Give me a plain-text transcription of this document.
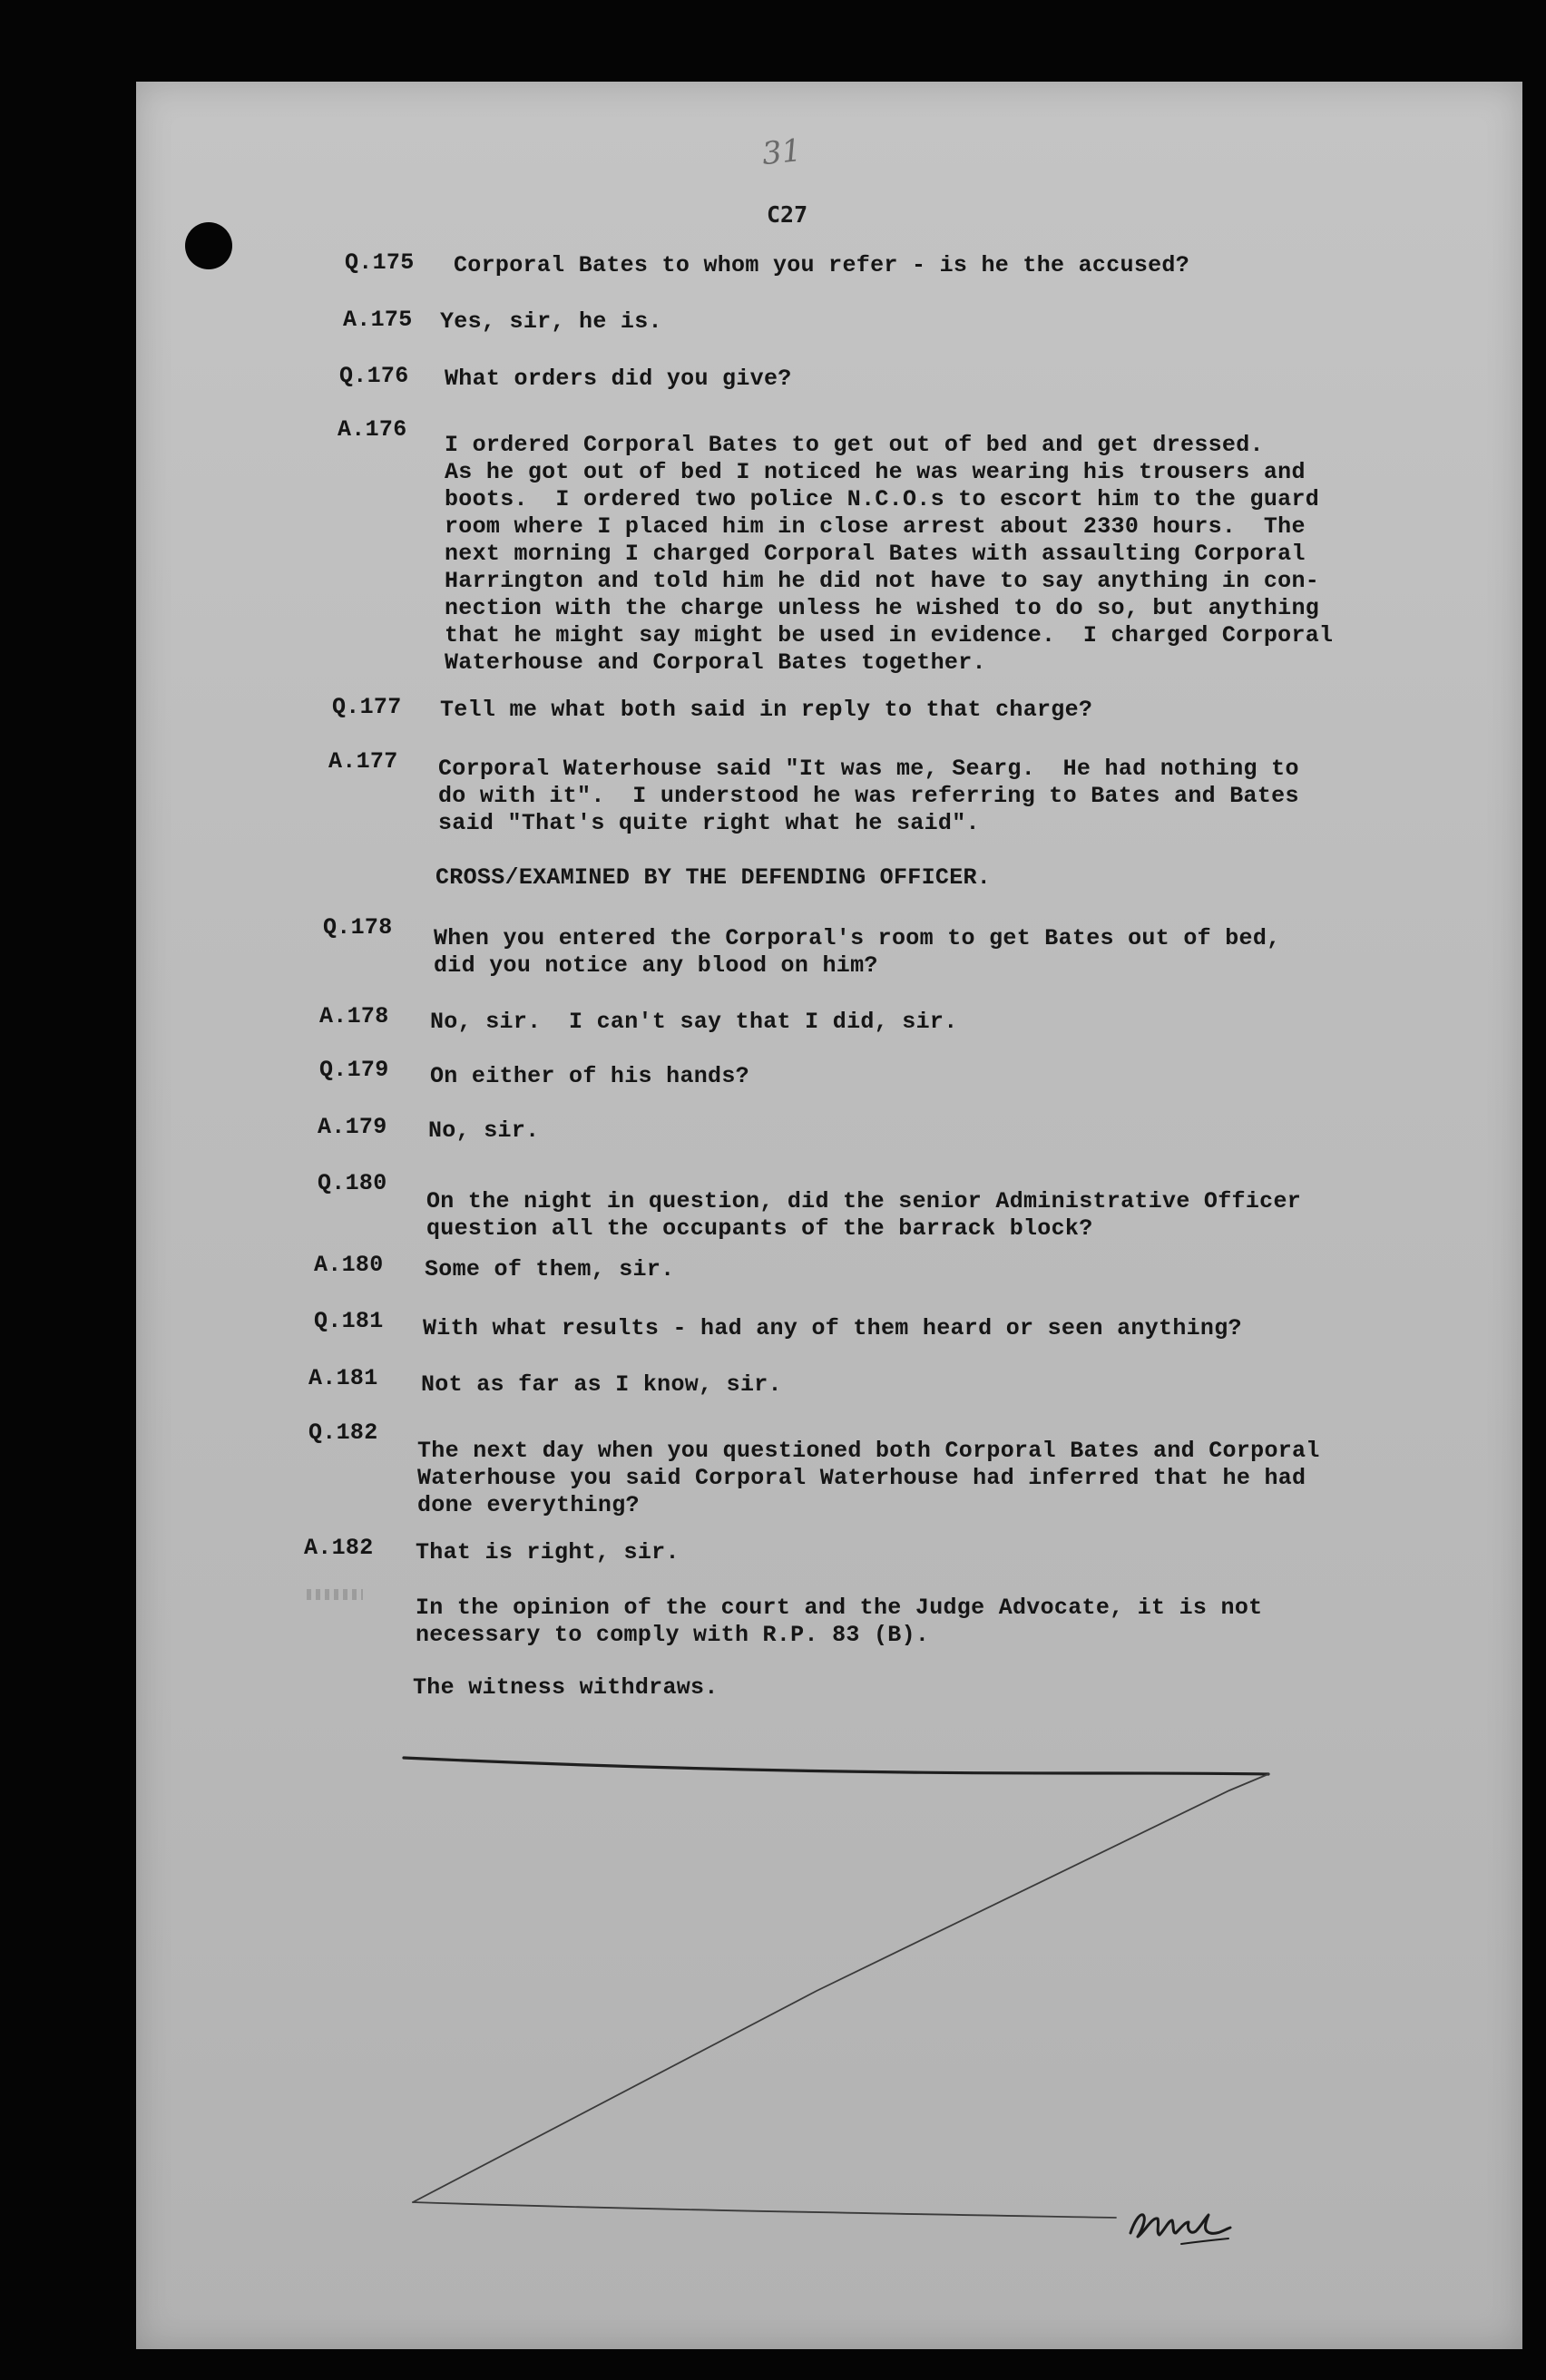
31
C27
Q.175 Corporal Bates to whom you refer - is he the accused?
A.175 Yes, sir, he is.
Q.176 What orders did you give?
A.176
I ordered Corporal Bates to get out of bed and get dressed.
As he got out of bed I noticed he was wearing his trousers and
boots.  I ordered two police N.C.O.s to escort him to the guard
room where I placed him in close arrest about 2330 hours.  The
next morning I charged Corporal Bates with assaulting Corporal
Harrington and told him he did not have to say anything in con-
nection with the charge unless he wished to do so, but anything
that he might say might be used in evidence.  I charged Corporal
Waterhouse and Corporal Bates together.
Q.177 Tell me what both said in reply to that charge?
A.177 Corporal Waterhouse said "It was me, Searg.  He had nothing to
do with it".  I understood he was referring to Bates and Bates
said "That's quite right what he said".
CROSS/EXAMINED BY THE DEFENDING OFFICER.
Q.178 When you entered the Corporal's room to get Bates out of bed,
did you notice any blood on him?
A.178 No, sir.  I can't say that I did, sir.
Q.179 On either of his hands?
A.179 No, sir.
Q.180
On the night in question, did the senior Administrative Officer
question all the occupants of the barrack block?
A.180 Some of them, sir.
Q.181 With what results - had any of them heard or seen anything?
A.181 Not as far as I know, sir.
Q.182
The next day when you questioned both Corporal Bates and Corporal
Waterhouse you said Corporal Waterhouse had inferred that he had
done everything?
A.182 That is right, sir.
In the opinion of the court and the Judge Advocate, it is not
necessary to comply with R.P. 83 (B).
The witness withdraws.
